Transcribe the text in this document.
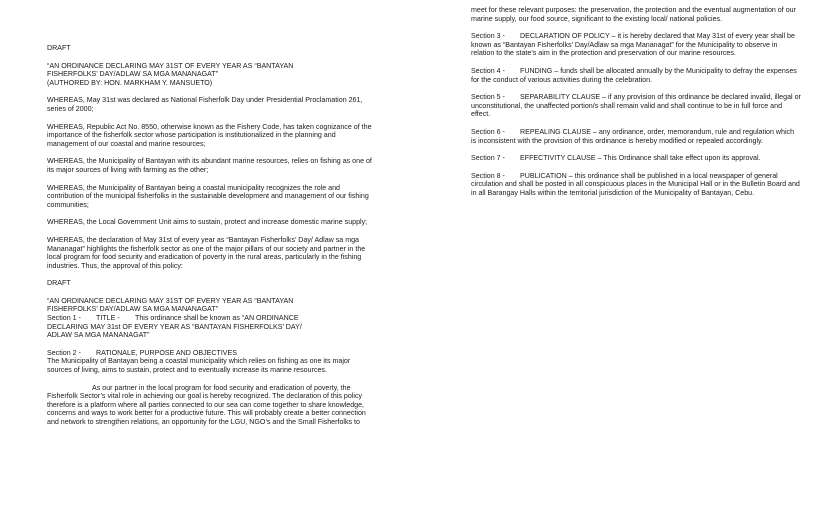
DRAFT

“AN ORDINANCE DECLARING MAY 31ST OF EVERY YEAR AS “BANTAYAN

FISHERFOLKS’ DAY/ADLAW SA MGA MANANAGAT”

(AUTHORED BY: HON. MARKHAM Y. MANSUETO)

WHEREAS, May 31st was declared as National Fisherfolk Day under Presidential Proclamation 261, series of 2000;

WHEREAS, Republic Act No. 8550, otherwise known as the Fishery Code, has taken cognizance of the importance of the fisherfolk sector whose participation is institutionalized in the planning and management of our coastal and marine resources;

WHEREAS, the Municipality of Bantayan with its abundant marine resources, relies on fishing as one of its major sources of living with farming as the other;

WHEREAS, the Municipality of Bantayan being a coastal municipality recognizes the role and contribution of the municipal fisherfolks in the sustainable development and management of our fishing communities;

WHEREAS, the Local Government Unit aims to sustain, protect and increase domestic marine supply;

WHEREAS, the declaration of May 31st of every year as “Bantayan Fisherfolks’ Day/ Adlaw sa mga Mananagat” highlights the fisherfolk sector as one of the major pillars of our society and partner in the local program for food security and eradication of poverty in the rural areas, particularly in the fishing industries. Thus, the approval of this policy:

DRAFT

“AN ORDINANCE DECLARING MAY 31ST OF EVERY YEAR AS “BANTAYAN

FISHERFOLKS’ DAY/ADLAW SA MGA MANANAGAT”

Section 1 - TITLE - This ordinance shall be known as “AN ORDINANCE

DECLARING MAY 31st OF EVERY YEAR AS “BANTAYAN FISHERFOLKS’ DAY/

ADLAW SA MGA MANANAGAT”

Section 2 - RATIONALE, PURPOSE AND OBJECTIVES

The Municipality of Bantayan being a coastal municipality which relies on fishing as one its major sources of living, aims to sustain, protect and to eventually increase its marine resources.

As our partner in the local program for food security and eradication of poverty, the Fisherfolk Sector’s vital role in achieving our goal is hereby recognized. The declaration of this policy therefore is a platform where all parties connected to our sea can come together to share knowledge, concerns and ways to work better for a productive future. This will probably create a better connection and network to strengthen relations, an opportunity for the LGU, NGO’s and the Small Fisherfolks to

meet for these relevant purposes: the preservation, the protection and the eventual augmentation of our marine supply, our food source, significant to the existing local/ national policies.

Section 3 - DECLARATION OF POLICY – it is hereby declared that May 31st of every year shall be known as “Bantayan Fisherfolks’ Day/Adlaw sa mga Mananagat” for the Municipality to observe in relation to the state’s aim in the protection and preservation of our marine resources.

Section 4 - FUNDING – funds shall be allocated annually by the Municipality to defray the expenses for the conduct of various activities during the celebration.

Section 5 - SEPARABILITY CLAUSE – if any provision of this ordinance be declared invalid, illegal or unconstitutional, the unaffected portion/s shall remain valid and shall continue to be in full force and effect.

Section 6 - REPEALING CLAUSE – any ordinance, order, memorandum, rule and regulation which is inconsistent with the provision of this ordinance is hereby modified or repealed accordingly.

Section 7 - EFFECTIVITY CLAUSE – This Ordinance shall take effect upon its approval.

Section 8 - PUBLICATION – this ordinance shall be published in a local newspaper of general circulation and shall be posted in all conspicuous places in the Municipal Hall or in the Bulletin Board and in all Barangay Halls within the territorial jurisdiction of the Municipality of Bantayan, Cebu.
